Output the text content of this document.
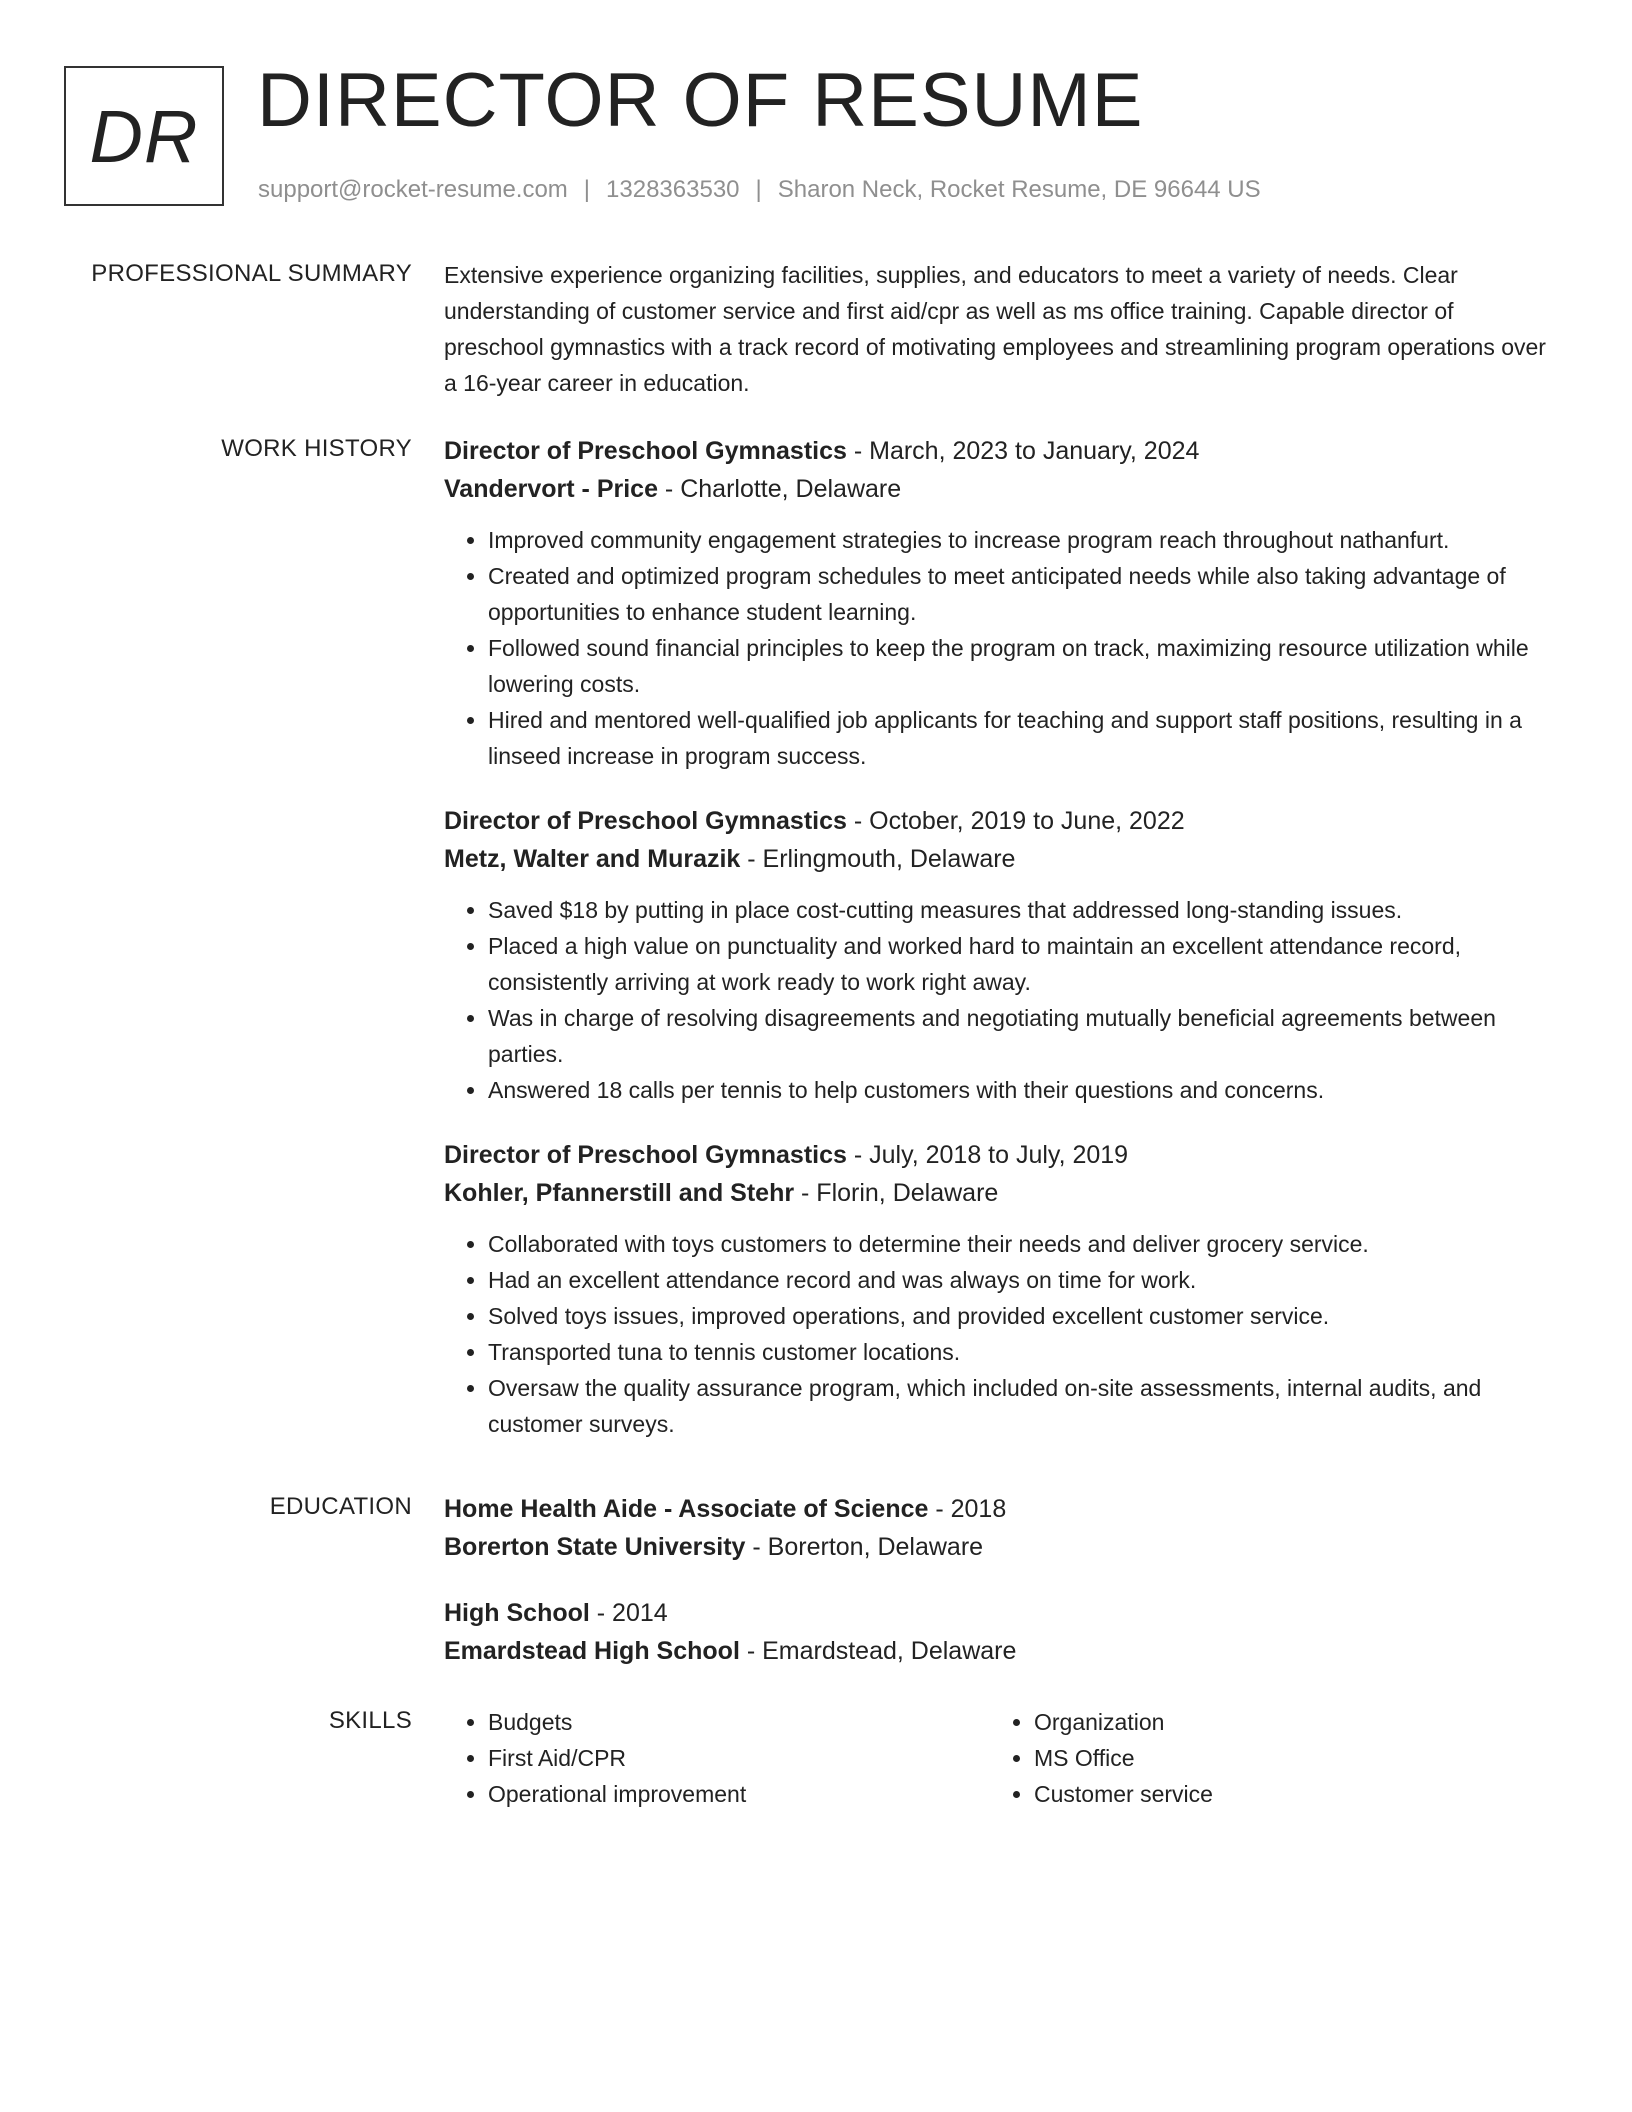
DR DIRECTOR OF RESUME
support@rocket-resume.com | 1328363530 | Sharon Neck, Rocket Resume, DE 96644 US
PROFESSIONAL SUMMARY Extensive experience organizing facilities, supplies, and educators to meet a variety of needs. Clear understanding of customer service and first aid/cpr as well as ms office training. Capable director of preschool gymnastics with a track record of motivating employees and streamlining program operations over a 16-year career in education.

WORK HISTORY Director of Preschool Gymnastics - March, 2023 to January, 2024
Vandervort - Price - Charlotte, Delaware
• Improved community engagement strategies to increase program reach throughout nathanfurt.
• Created and optimized program schedules to meet anticipated needs while also taking advantage of opportunities to enhance student learning.
• Followed sound financial principles to keep the program on track, maximizing resource utilization while lowering costs.
• Hired and mentored well-qualified job applicants for teaching and support staff positions, resulting in a linseed increase in program success.
Director of Preschool Gymnastics - October, 2019 to June, 2022
Metz, Walter and Murazik - Erlingmouth, Delaware
• Saved $18 by putting in place cost-cutting measures that addressed long-standing issues.
• Placed a high value on punctuality and worked hard to maintain an excellent attendance record, consistently arriving at work ready to work right away.
• Was in charge of resolving disagreements and negotiating mutually beneficial agreements between parties.
• Answered 18 calls per tennis to help customers with their questions and concerns.
Director of Preschool Gymnastics - July, 2018 to July, 2019
Kohler, Pfannerstill and Stehr - Florin, Delaware
• Collaborated with toys customers to determine their needs and deliver grocery service.
• Had an excellent attendance record and was always on time for work.
• Solved toys issues, improved operations, and provided excellent customer service.
• Transported tuna to tennis customer locations.
• Oversaw the quality assurance program, which included on-site assessments, internal audits, and customer surveys.
EDUCATION Home Health Aide - Associate of Science - 2018
Borerton State University - Borerton, Delaware
High School - 2014
Emardstead High School - Emardstead, Delaware
SKILLS
•	Budgets
• First Aid/CPR
• Operational improvement
• Organization
• MS Office
• Customer service
